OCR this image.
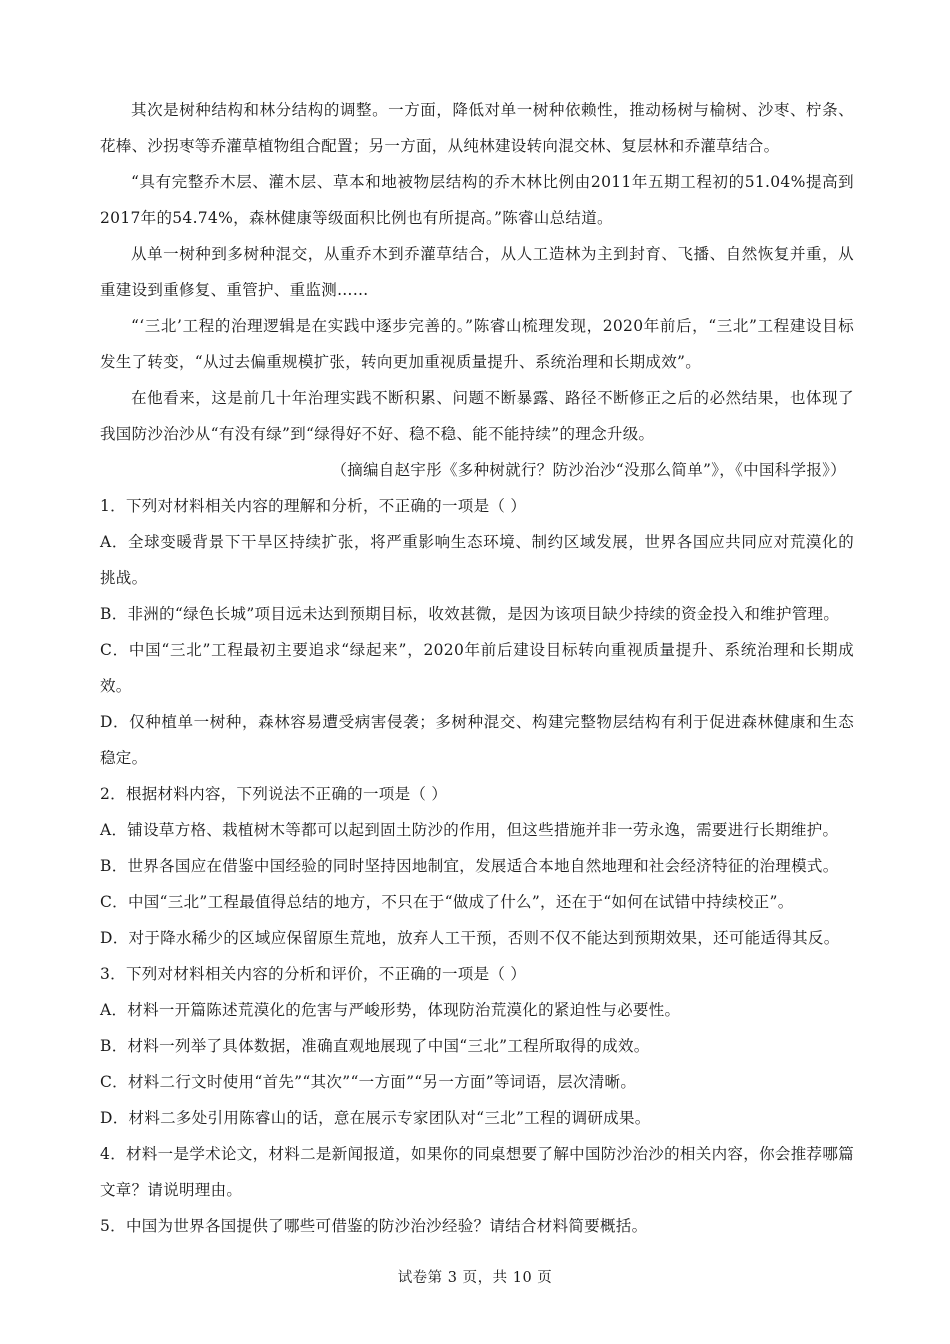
其次是树种结构和林分结构的调整。一方面，降低对单一树种依赖性，推动杨树与榆树、沙枣、柠条、花棒、沙拐枣等乔灌草植物组合配置；另一方面，从纯林建设转向混交林、复层林和乔灌草结合。

“具有完整乔木层、灌木层、草本和地被物层结构的乔木林比例由2011年五期工程初的51.04%提高到2017年的54.74%，森林健康等级面积比例也有所提高。”陈睿山总结道。

从单一树种到多树种混交，从重乔木到乔灌草结合，从人工造林为主到封育、飞播、自然恢复并重，从重建设到重修复、重管护、重监测……

“‘三北’工程的治理逻辑是在实践中逐步完善的。”陈睿山梳理发现，2020年前后，“三北”工程建设目标发生了转变，“从过去偏重规模扩张，转向更加重视质量提升、系统治理和长期成效”。

在他看来，这是前几十年治理实践不断积累、问题不断暴露、路径不断修正之后的必然结果，也体现了我国防沙治沙从“有没有绿”到“绿得好不好、稳不稳、能不能持续”的理念升级。

（摘编自赵宇彤《多种树就行？防沙治沙“没那么简单”》，《中国科学报》）

1．下列对材料相关内容的理解和分析，不正确的一项是（ ）

A．全球变暖背景下干旱区持续扩张，将严重影响生态环境、制约区域发展，世界各国应共同应对荒漠化的挑战。

B．非洲的“绿色长城”项目远未达到预期目标，收效甚微，是因为该项目缺少持续的资金投入和维护管理。

C．中国“三北”工程最初主要追求“绿起来”，2020年前后建设目标转向重视质量提升、系统治理和长期成效。

D．仅种植单一树种，森林容易遭受病害侵袭；多树种混交、构建完整物层结构有利于促进森林健康和生态稳定。

2．根据材料内容，下列说法不正确的一项是（ ）

A．铺设草方格、栽植树木等都可以起到固土防沙的作用，但这些措施并非一劳永逸，需要进行长期维护。

B．世界各国应在借鉴中国经验的同时坚持因地制宜，发展适合本地自然地理和社会经济特征的治理模式。

C．中国“三北”工程最值得总结的地方，不只在于“做成了什么”，还在于“如何在试错中持续校正”。

D．对于降水稀少的区域应保留原生荒地，放弃人工干预，否则不仅不能达到预期效果，还可能适得其反。

3．下列对材料相关内容的分析和评价，不正确的一项是（ ）

A．材料一开篇陈述荒漠化的危害与严峻形势，体现防治荒漠化的紧迫性与必要性。

B．材料一列举了具体数据，准确直观地展现了中国“三北”工程所取得的成效。

C．材料二行文时使用“首先”“其次”“一方面”“另一方面”等词语，层次清晰。

D．材料二多处引用陈睿山的话，意在展示专家团队对“三北”工程的调研成果。

4．材料一是学术论文，材料二是新闻报道，如果你的同桌想要了解中国防沙治沙的相关内容，你会推荐哪篇文章？请说明理由。

5．中国为世界各国提供了哪些可借鉴的防沙治沙经验？请结合材料简要概括。

试卷第 3 页，共 10 页
